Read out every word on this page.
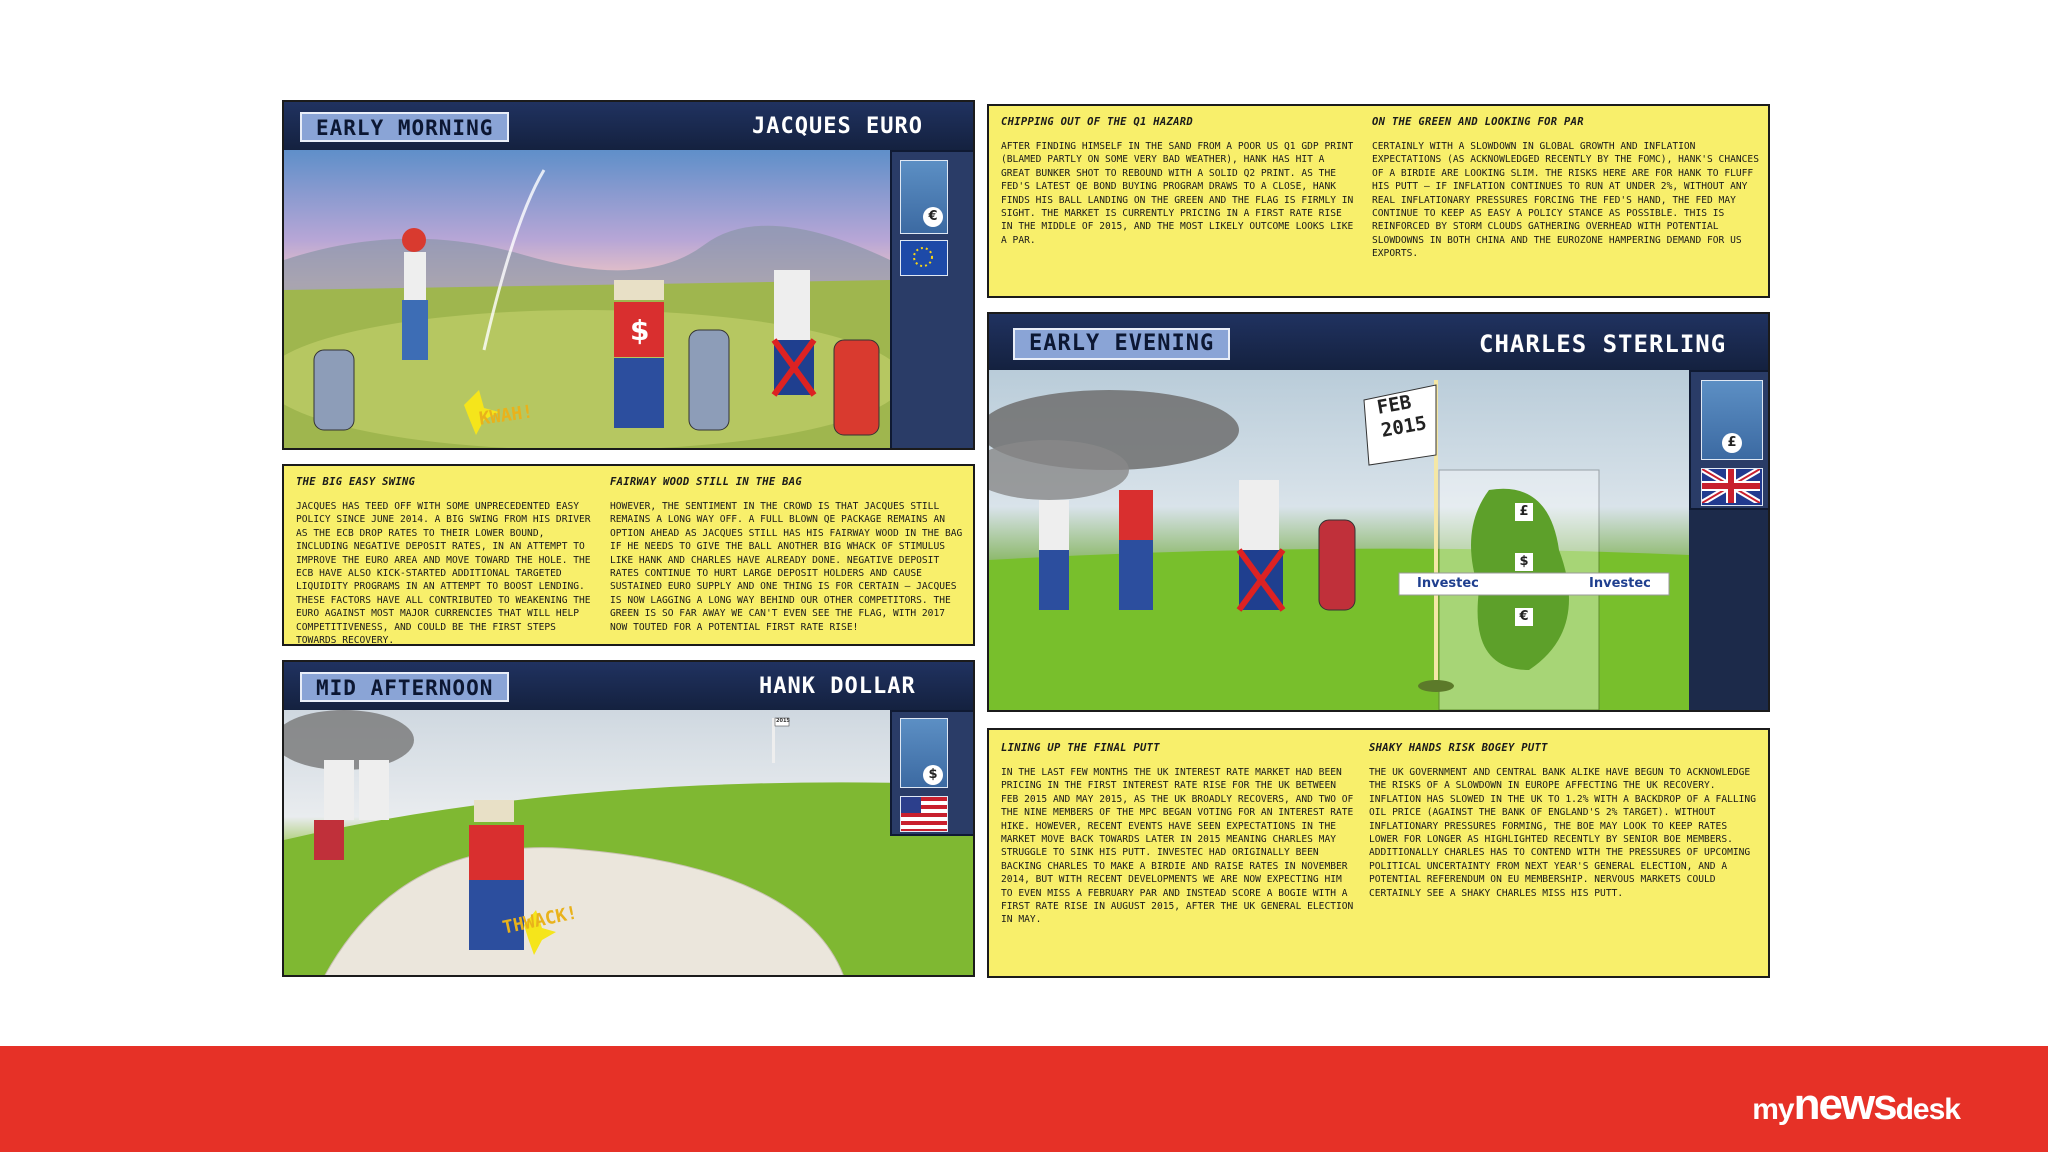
EARLY MORNING	JACQUES EURO
$
KWAH!
€
THE BIG EASY SWING

JACQUES HAS TEED OFF WITH SOME UNPRECEDENTED EASY POLICY SINCE JUNE 2014. A BIG SWING FROM HIS DRIVER AS THE ECB DROP RATES TO THEIR LOWER BOUND, INCLUDING NEGATIVE DEPOSIT RATES, IN AN ATTEMPT TO IMPROVE THE EURO AREA AND MOVE TOWARD THE HOLE. THE ECB HAVE ALSO KICK-STARTED ADDITIONAL TARGETED LIQUIDITY PROGRAMS IN AN ATTEMPT TO BOOST LENDING. THESE FACTORS HAVE ALL CONTRIBUTED TO WEAKENING THE EURO AGAINST MOST MAJOR CURRENCIES THAT WILL HELP COMPETITIVENESS, AND COULD BE THE FIRST STEPS TOWARDS RECOVERY.

FAIRWAY WOOD STILL IN THE BAG

HOWEVER, THE SENTIMENT IN THE CROWD IS THAT JACQUES STILL REMAINS A LONG WAY OFF. A FULL BLOWN QE PACKAGE REMAINS AN OPTION AHEAD AS JACQUES STILL HAS HIS FAIRWAY WOOD IN THE BAG IF HE NEEDS TO GIVE THE BALL ANOTHER BIG WHACK OF STIMULUS LIKE HANK AND CHARLES HAVE ALREADY DONE. NEGATIVE DEPOSIT RATES CONTINUE TO HURT LARGE DEPOSIT HOLDERS AND CAUSE SUSTAINED EURO SUPPLY AND ONE THING IS FOR CERTAIN – JACQUES IS NOW LAGGING A LONG WAY BEHIND OUR OTHER COMPETITORS. THE GREEN IS SO FAR AWAY WE CAN'T EVEN SEE THE FLAG, WITH 2017 NOW TOUTED FOR A POTENTIAL FIRST RATE RISE!

MID AFTERNOON	HANK DOLLAR
2015
THWACK!
$
CHIPPING OUT OF THE Q1 HAZARD

AFTER FINDING HIMSELF IN THE SAND FROM A POOR US Q1 GDP PRINT (BLAMED PARTLY ON SOME VERY BAD WEATHER), HANK HAS HIT A GREAT BUNKER SHOT TO REBOUND WITH A SOLID Q2 PRINT. AS THE FED'S LATEST QE BOND BUYING PROGRAM DRAWS TO A CLOSE, HANK FINDS HIS BALL LANDING ON THE GREEN AND THE FLAG IS FIRMLY IN SIGHT. THE MARKET IS CURRENTLY PRICING IN A FIRST RATE RISE IN THE MIDDLE OF 2015, AND THE MOST LIKELY OUTCOME LOOKS LIKE A PAR.

ON THE GREEN AND LOOKING FOR PAR

CERTAINLY WITH A SLOWDOWN IN GLOBAL GROWTH AND INFLATION EXPECTATIONS (AS ACKNOWLEDGED RECENTLY BY THE FOMC), HANK'S CHANCES OF A BIRDIE ARE LOOKING SLIM. THE RISKS HERE ARE FOR HANK TO FLUFF HIS PUTT – IF INFLATION CONTINUES TO RUN AT UNDER 2%, WITHOUT ANY REAL INFLATIONARY PRESSURES FORCING THE FED'S HAND, THE FED MAY CONTINUE TO KEEP AS EASY A POLICY STANCE AS POSSIBLE. THIS IS REINFORCED BY STORM CLOUDS GATHERING OVERHEAD WITH POTENTIAL SLOWDOWNS IN BOTH CHINA AND THE EUROZONE HAMPERING DEMAND FOR US EXPORTS.

EARLY EVENING	CHARLES STERLING
FEB
2015
Investec	Investec
£
$
€
£
LINING UP THE FINAL PUTT

IN THE LAST FEW MONTHS THE UK INTEREST RATE MARKET HAD BEEN PRICING IN THE FIRST INTEREST RATE RISE FOR THE UK BETWEEN FEB 2015 AND MAY 2015, AS THE UK BROADLY RECOVERS, AND TWO OF THE NINE MEMBERS OF THE MPC BEGAN VOTING FOR AN INTEREST RATE HIKE. HOWEVER, RECENT EVENTS HAVE SEEN EXPECTATIONS IN THE MARKET MOVE BACK TOWARDS LATER IN 2015 MEANING CHARLES MAY STRUGGLE TO SINK HIS PUTT. INVESTEC HAD ORIGINALLY BEEN BACKING CHARLES TO MAKE A BIRDIE AND RAISE RATES IN NOVEMBER 2014, BUT WITH RECENT DEVELOPMENTS WE ARE NOW EXPECTING HIM TO EVEN MISS A FEBRUARY PAR AND INSTEAD SCORE A BOGIE WITH A FIRST RATE RISE IN AUGUST 2015, AFTER THE UK GENERAL ELECTION IN MAY.

SHAKY HANDS RISK BOGEY PUTT

THE UK GOVERNMENT AND CENTRAL BANK ALIKE HAVE BEGUN TO ACKNOWLEDGE THE RISKS OF A SLOWDOWN IN EUROPE AFFECTING THE UK RECOVERY. INFLATION HAS SLOWED IN THE UK TO 1.2% WITH A BACKDROP OF A FALLING OIL PRICE (AGAINST THE BANK OF ENGLAND'S 2% TARGET). WITHOUT INFLATIONARY PRESSURES FORMING, THE BOE MAY LOOK TO KEEP RATES LOWER FOR LONGER AS HIGHLIGHTED RECENTLY BY SENIOR BOE MEMBERS. ADDITIONALLY CHARLES HAS TO CONTEND WITH THE PRESSURES OF UPCOMING POLITICAL UNCERTAINTY FROM NEXT YEAR'S GENERAL ELECTION, AND A POTENTIAL REFERENDUM ON EU MEMBERSHIP. NERVOUS MARKETS COULD CERTAINLY SEE A SHAKY CHARLES MISS HIS PUTT.

mynewsdesk
